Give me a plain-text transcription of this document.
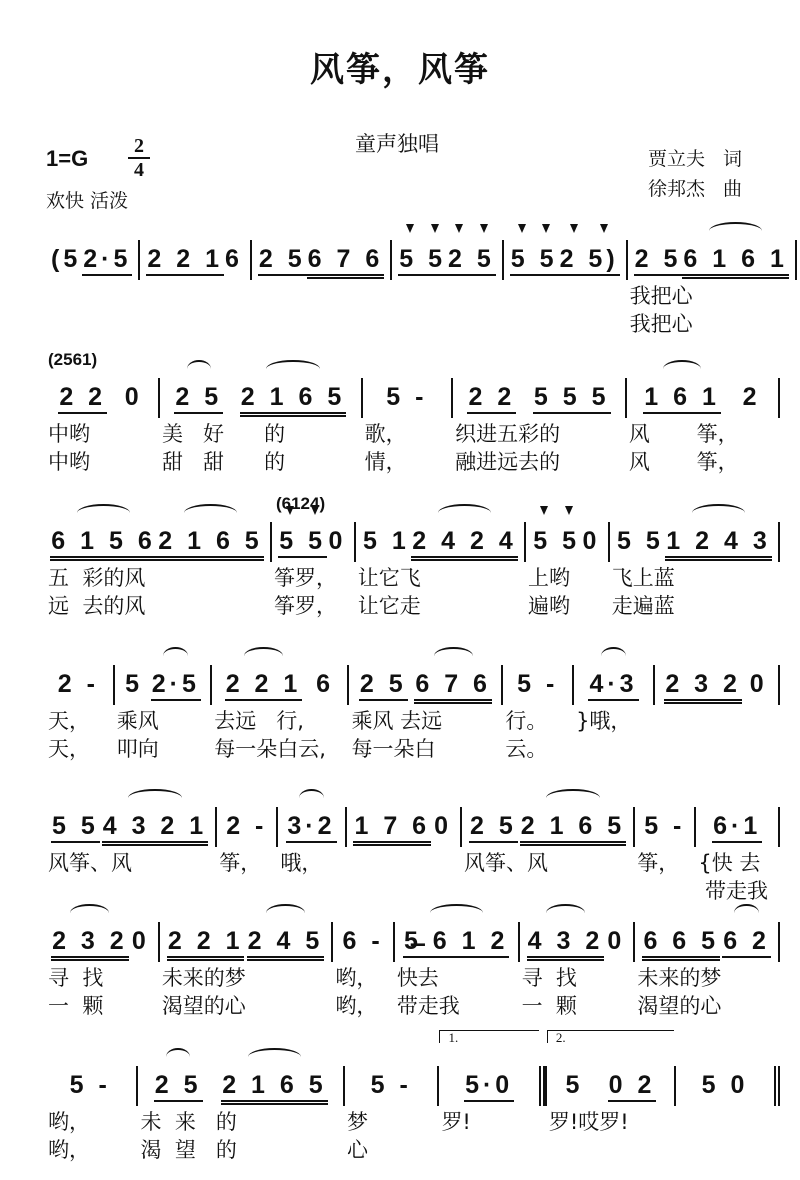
风筝，风筝
童声独唱
1=G	2
4
欢快 活泼
贾立夫 词
徐邦杰 曲
(5 2·5 2 2 1 6 2 5 6 7 6 5 5 2 5 5 5 2 5) 2 5 6 1 6 1
我把心
我把心
(2561)
2 2 0
中哟
中哟
2 5 2 1 6 5
美   好      的
甜   甜      的
5 -
歌，
情，
2 2 5 5 5
织进五彩的
融进远去的
1 6 1 2
风       筝，
风       筝，
6 1 5 6 2 1 6 5
五  彩的风
远  去的风
(6124)
5 5 0
筝罗，
筝罗，
5 1 2 4 2 4
让它飞
让它走
5 5 0
上哟
遍哟
5 5 1 2 4 3
飞上蓝
走遍蓝
2 -
天，
天，
5 2·5
乘风
叩向
2 2 1 6
去远   行,
每一朵白云,
2 5 6 7 6
乘风 去远
每一朵白
5 -
行。
云。
4·3
}哦，
2 3 2 0
5 5 4 3 2 1
风筝、风
2 -
筝，
3·2
哦，
1 7 6 0 2 5 2 1 6 5
风筝、风
5 -
筝，
6·1
{快 去
带走我
2 3 2 0
寻  找
一  颗
2 2 1 2 4 5
未来的梦
渴望的心
6 -
哟，
哟，
5̶ 6 1 2
快去
带走我
4 3 2 0
寻  找
一  颗
6 6 5 6 2
未来的梦
渴望的心
5 -
哟，
哟，
2 5 2 1 6 5
未  来   的
渴  望   的
5 -
梦
心
1.
5·0
罗!
2.
5 0 2
罗!哎罗!
5 0
